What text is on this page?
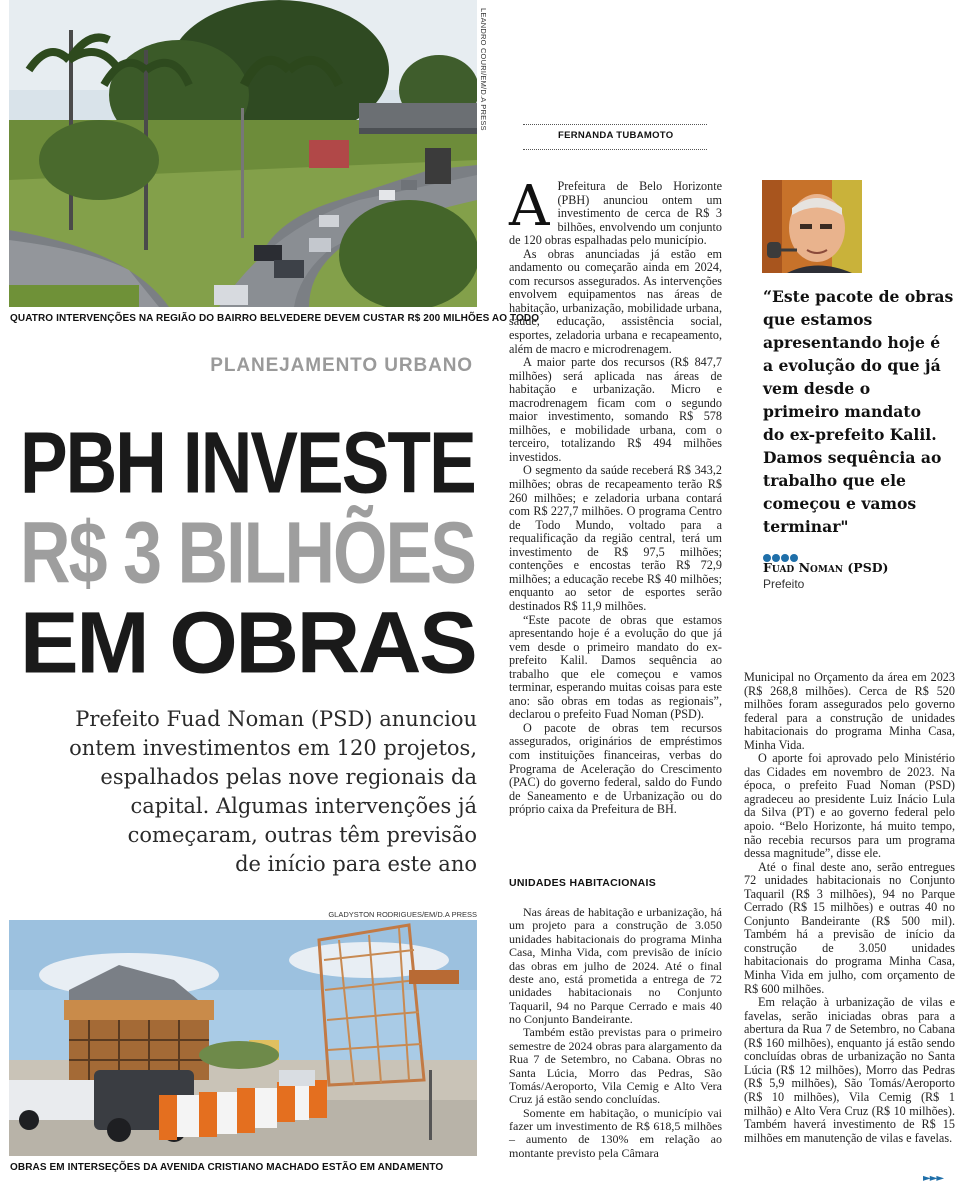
LEANDRO COURI/EM/D.A PRESS
QUATRO INTERVENÇÕES NA REGIÃO DO BAIRRO BELVEDERE DEVEM CUSTAR R$ 200 MILHÕES AO TODO
PLANEJAMENTO URBANO
PBH INVESTE
R$ 3 BILHÕES
EM OBRAS
Prefeito Fuad Noman (PSD) anunciou
ontem investimentos em 120 projetos,
espalhados pelas nove regionais da
capital. Algumas intervenções já
começaram, outras têm previsão
de início para este ano
GLADYSTON RODRIGUES/EM/D.A PRESS
OBRAS EM INTERSEÇÕES DA AVENIDA CRISTIANO MACHADO ESTÃO EM ANDAMENTO
FERNANDA TUBAMOTO
A Prefeitura de Belo Horizonte (PBH) anunciou ontem um investimento de cerca de R$ 3 bilhões, envolvendo um conjunto de 120 obras espalhadas pelo município.

As obras anunciadas já estão em andamento ou começarão ainda em 2024, com recursos assegurados. As intervenções envolvem equipamentos nas áreas de habitação, urbanização, mobilidade urbana, saúde, educação, assistência social, esportes, zeladoria urbana e recapeamento, além de macro e microdrenagem.

A maior parte dos recursos (R$ 847,7 milhões) será aplicada nas áreas de habitação e urbanização. Micro e macrodrenagem ficam com o segundo maior investimento, somando R$ 578 milhões, e mobilidade urbana, com o terceiro, totalizando R$ 494 milhões investidos.

O segmento da saúde receberá R$ 343,2 milhões; obras de recapeamento terão R$ 260 milhões; e zeladoria urbana contará com R$ 227,7 milhões. O programa Centro de Todo Mundo, voltado para a requalificação da região central, terá um investimento de R$ 97,5 milhões; contenções e encostas terão R$ 72,9 milhões; a educação recebe R$ 40 milhões; enquanto ao setor de esportes serão destinados R$ 11,9 milhões.

“Este pacote de obras que estamos apresentando hoje é a evolução do que já vem desde o primeiro mandato do ex-prefeito Kalil. Damos sequência ao trabalho que ele começou e vamos terminar, esperando muitas coisas para este ano: são obras em todas as regionais”, declarou o prefeito Fuad Noman (PSD).

O pacote de obras tem recursos assegurados, originários de empréstimos com instituições financeiras, verbas do Programa de Aceleração do Crescimento (PAC) do governo federal, saldo do Fundo de Saneamento e de Urbanização ou do próprio caixa da Prefeitura de BH.

UNIDADES HABITACIONAIS

Nas áreas de habitação e urbanização, há um projeto para a construção de 3.050 unidades habitacionais do programa Minha Casa, Minha Vida, com previsão de início das obras em julho de 2024. Até o final deste ano, está prometida a entrega de 72 unidades habitacionais no Conjunto Taquaril, 94 no Parque Cerrado e mais 40 no Conjunto Bandeirante.

Também estão previstas para o primeiro semestre de 2024 obras para alargamento da Rua 7 de Setembro, no Cabana. Obras no Santa Lúcia, Morro das Pedras, São Tomás/Aeroporto, Vila Cemig e Alto Vera Cruz já estão sendo concluídas.

Somente em habitação, o município vai fazer um investimento de R$ 618,5 milhões – aumento de 130% em relação ao montante previsto pela Câmara

“Este pacote de obras
que estamos
apresentando hoje é
a evolução do que já
vem desde o
primeiro mandato
do ex-prefeito Kalil.
Damos sequência ao
trabalho que ele
começou e vamos
terminar"
Fuad Noman (PSD)
Prefeito

Municipal no Orçamento da área em 2023 (R$ 268,8 milhões). Cerca de R$ 520 milhões foram assegurados pelo governo federal para a construção de unidades habitacionais do programa Minha Casa, Minha Vida.

O aporte foi aprovado pelo Ministério das Cidades em novembro de 2023. Na época, o prefeito Fuad Noman (PSD) agradeceu ao presidente Luiz Inácio Lula da Silva (PT) e ao governo federal pelo apoio. “Belo Horizonte, há muito tempo, não recebia recursos para um programa dessa magnitude”, disse ele.

Até o final deste ano, serão entregues 72 unidades habitacionais no Conjunto Taquaril (R$ 3 milhões), 94 no Parque Cerrado (R$ 15 milhões) e outras 40 no Conjunto Bandeirante (R$ 500 mil). Também há a previsão de início da construção de 3.050 unidades habitacionais do programa Minha Casa, Minha Vida em julho, com orçamento de R$ 600 milhões.

Em relação à urbanização de vilas e favelas, serão iniciadas obras para a abertura da Rua 7 de Setembro, no Cabana (R$ 160 milhões), enquanto já estão sendo concluídas obras de urbanização no Santa Lúcia (R$ 12 milhões), Morro das Pedras (R$ 5,9 milhões), São Tomás/Aeroporto (R$ 10 milhões), Vila Cemig (R$ 1 milhão) e Alto Vera Cruz (R$ 10 milhões). Também haverá investimento de R$ 15 milhões em manutenção de vilas e favelas.

►►►
